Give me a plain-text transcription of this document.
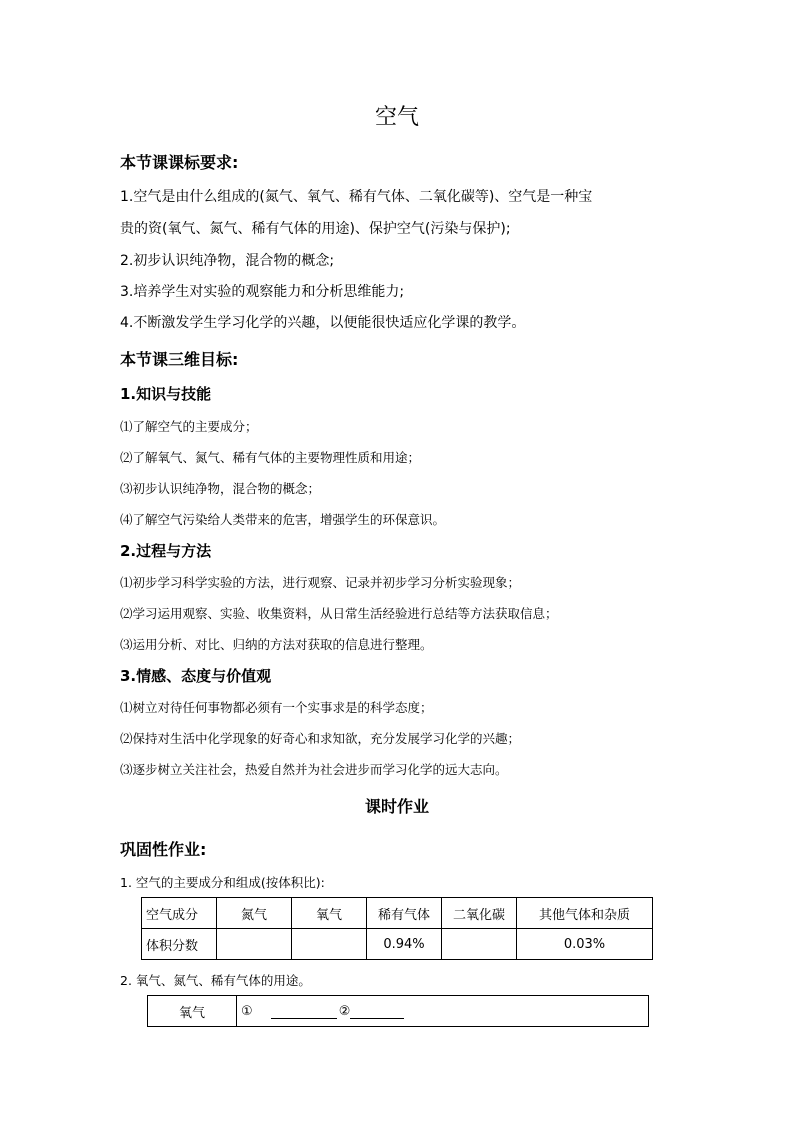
空气
本节课课标要求:
1.空气是由什么组成的(氮气、氧气、稀有气体、二氧化碳等)、空气是一种宝
贵的资(氧气、氮气、稀有气体的用途)、保护空气(污染与保护);
2.初步认识纯净物，混合物的概念;
3.培养学生对实验的观察能力和分析思维能力;
4.不断激发学生学习化学的兴趣，以便能很快适应化学课的教学。
本节课三维目标:
1.知识与技能
⑴了解空气的主要成分；
⑵了解氧气、氮气、稀有气体的主要物理性质和用途；
⑶初步认识纯净物，混合物的概念；
⑷了解空气污染给人类带来的危害，增强学生的环保意识。
2.过程与方法
⑴初步学习科学实验的方法，进行观察、记录并初步学习分析实验现象；
⑵学习运用观察、实验、收集资料，从日常生活经验进行总结等方法获取信息；
⑶运用分析、对比、归纳的方法对获取的信息进行整理。
3.情感、态度与价值观
⑴树立对待任何事物都必须有一个实事求是的科学态度；
⑵保持对生活中化学现象的好奇心和求知欲，充分发展学习化学的兴趣；
⑶逐步树立关注社会，热爱自然并为社会进步而学习化学的远大志向。
课时作业
巩固性作业:
1. 空气的主要成分和组成(按体积比):
空气成分	氮气	氧气	稀有气体	二氧化碳	其他气体和杂质
体积分数			0.94%		0.03%
2. 氧气、氮气、稀有气体的用途。
氧气	①	②
